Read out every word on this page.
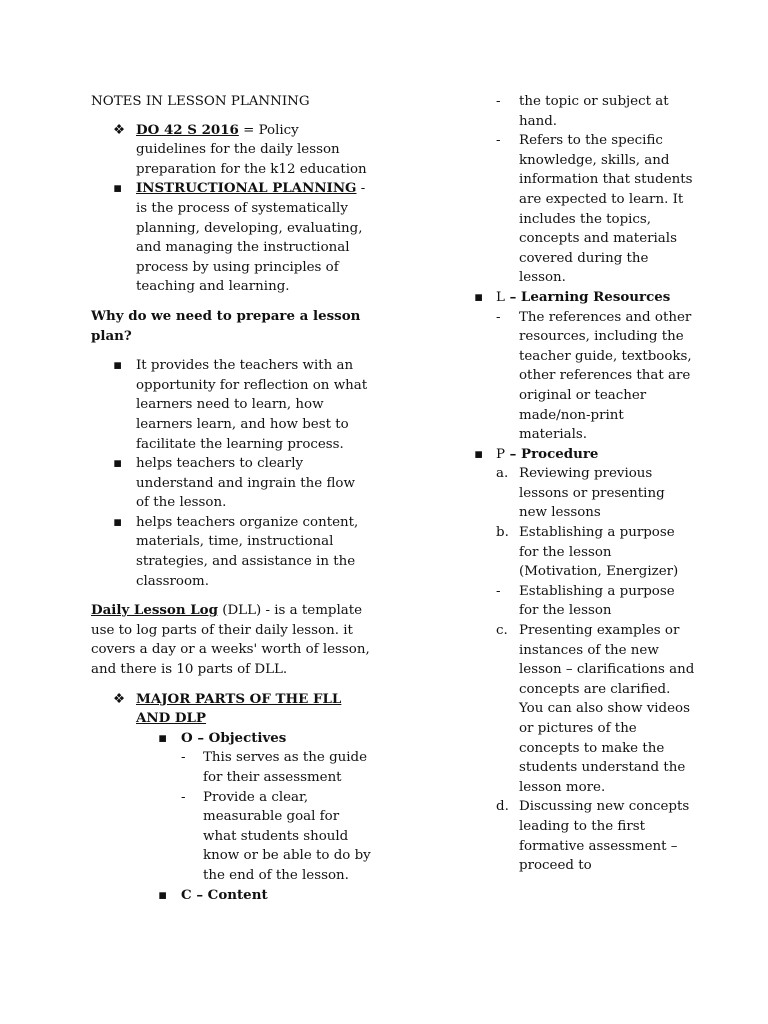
NOTES IN LESSON PLANNING

❖ DO 42 S 2016 = Policy guidelines for the daily lesson preparation for the k12 education

▪ INSTRUCTIONAL PLANNING - is the process of systematically planning, developing, evaluating, and managing the instructional process by using principles of teaching and learning.

Why do we need to prepare a lesson plan?

▪ It provides the teachers with an opportunity for reflection on what learners need to learn, how learners learn, and how best to facilitate the learning process.

▪ helps teachers to clearly understand and ingrain the flow of the lesson.

▪ helps teachers organize content, materials, time, instructional strategies, and assistance in the classroom.

Daily Lesson Log (DLL) - is a template use to log parts of their daily lesson. it covers a day or a weeks' worth of lesson, and there is 10 parts of DLL.

❖ MAJOR PARTS OF THE FLL AND DLP

▪ O – Objectives

- This serves as the guide for their assessment

- Provide a clear, measurable goal for what students should know or be able to do by the end of the lesson.

▪ C – Content

- the topic or subject at hand.

- Refers to the specific knowledge, skills, and information that students are expected to learn. It includes the topics, concepts and materials covered during the lesson.

▪ L – Learning Resources

- The references and other resources, including the teacher guide, textbooks, other references that are original or teacher made/non-print materials.

▪ P – Procedure

a. Reviewing previous lessons or presenting new lessons

b. Establishing a purpose for the lesson (Motivation, Energizer)

- Establishing a purpose for the lesson

c. Presenting examples or instances of the new lesson – clarifications and concepts are clarified. You can also show videos or pictures of the concepts to make the students understand the lesson more.

d. Discussing new concepts leading to the first formative assessment – proceed to
